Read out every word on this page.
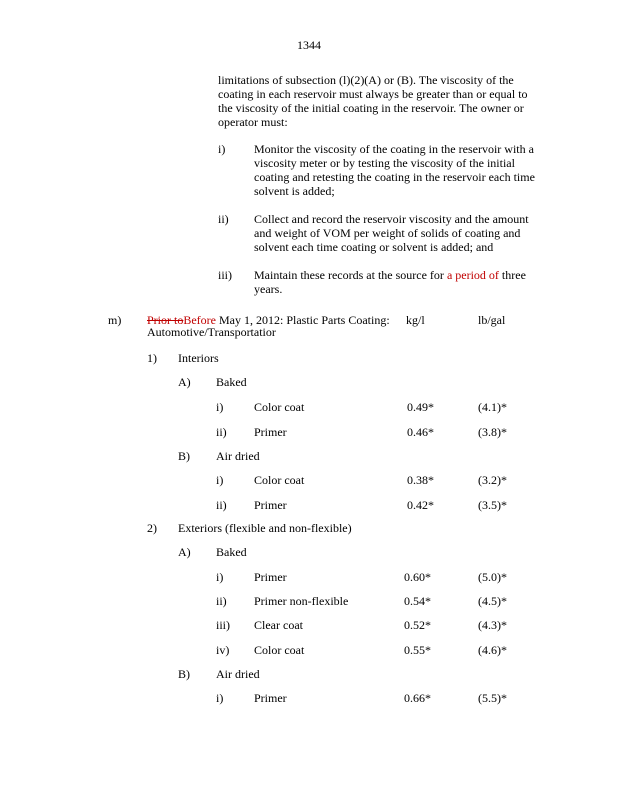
1344
limitations of subsection (l)(2)(A) or (B). The viscosity of the coating in each reservoir must always be greater than or equal to the viscosity of the initial coating in the reservoir. The owner or operator must:
i) Monitor the viscosity of the coating in the reservoir with a viscosity meter or by testing the viscosity of the initial coating and retesting the coating in the reservoir each time solvent is added;
ii) Collect and record the reservoir viscosity and the amount and weight of VOM per weight of solids of coating and solvent each time coating or solvent is added; and
iii) Maintain these records at the source for a period of three years.
m) Prior toBefore May 1, 2012: Plastic Parts Coating: kg/l	lb/gal
Automotive/Transportatior
1) Interiors
A) Baked
i)	Color coat	0.49*	(4.1)*
ii) Primer	0.46*	(3.8)*
B) Air dried
i)	Color coat	0.38*	(3.2)*
ii) Primer	0.42*	(3.5)*
2) Exteriors (flexible and non-flexible)
A) Baked
i)	Primer	0.60*	(5.0)*
ii) Primer non-flexible	0.54*	(4.5)*
iii) Clear coat	0.52*	(4.3)*
iv) Color coat	0.55*	(4.6)*
B) Air dried
i)	Primer	0.66*	(5.5)*
